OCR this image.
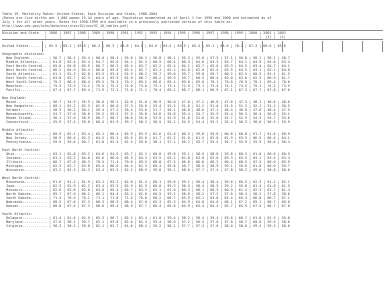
Table 19. Mortality Rates: United States, Each Division and State, 1986-2004
(Rates are live births per 1,000 women 15-44 years of age. Population enumerated as of April 1 for 1990 and 2000 and estimated as of
July 1 for all other years. Rates for 1990-1999 are available in a previously published version of this table at:
http://www.cdc.gov/nchs/data/nvsr/nvsr52/nvsr52_10_tables.pdf)
Division and State   | 1986 | 1987 | 1988 | 1989 | 1990 | 1991 | 1992 | 1993 | 1994 | 1995 | 1996 | 1997 | 1998 | 1999 | 2000 | 2001 | 2002
|      |      |      |      |      |      |      |      |      |      |      |      |      |      |      |  (1) |  (1)
United States......  | 65.5 | 65.1 | 65.8 | 66.4 | 66.3 | 65.8 | 64.1 | 64.6 | 64.5 | 65.5 | 65.4 | 65.1 | 65.6 | 70.2 | 67.3 | 66.6 | 65.6
Geographic divisions:
New England......... | 56.7 | 58.1 | 59.4 | 60.0 | 58.4 | 55.6 | 56.1 | 56.8 | 58.1 | 55.3 | 55.0 | 57.5 | 57.1 | 56.8 | 58.1 | 58.1 | 58.7
Middle Atlantic..... | 61.8 | 62.5 | 63.4 | 64.7 | 65.0 | 64.1 | 62.3 | 60.9 | 60.4 | 60.3 | 64.6 | 64.3 | 63.7 | 64.1 | 64.9 | 64.6 | 63.4
East North Central.. | 65.0 | 64.8 | 65.5 | 66.7 | 66.3 | 65.4 | 63.7 | 62.2 | 62.4 | 64.1 | 63.7 | 63.6 | 63.9 | 64.5 | 63.4 | 64.7 | 64.1
West North Central.. | 66.2 | 65.9 | 65.4 | 66.0 | 65.4 | 63.5 | 62.7 | 62.1 | 62.2 | 62.0 | 62.0 | 62.5 | 63.5 | 64.5 | 64.1 | 62.1 | 64.0
South Atlantic...... | 61.1 | 61.3 | 62.0 | 63.5 | 63.4 | 61.9 | 60.2 | 59.7 | 59.0 | 59.7 | 59.8 | 59.7 | 60.2 | 62.5 | 60.5 | 61.1 | 61.5
East South Central.. | 63.8 | 62.7 | 62.3 | 64.4 | 63.9 | 61.0 | 60.7 | 60.2 | 59.9 | 59.7 | 60.5 | 60.4 | 63.0 | 63.0 | 62.3 | 60.9 | 61.7
West South Central.. | 70.2 | 68.4 | 68.4 | 69.5 | 70.3 | 70.2 | 69.2 | 68.6 | 69.4 | 69.0 | 69.0 | 70.1 | 70.6 | 70.9 | 70.1 | 69.4 | 70.0
Mountain............ | 75.3 | 73.9 | 74.1 | 75.5 | 75.2 | 74.0 | 73.6 | 73.1 | 73.1 | 72.9 | 73.1 | 73.4 | 74.1 | 74.5 | 75.1 | 74.2 | 73.9
Pacific............. | 67.4 | 67.7 | 69.4 | 71.9 | 72.1 | 71.8 | 71.1 | 70.4 | 69.2 | 68.7 | 68.1 | 66.9 | 67.1 | 67.3 | 67.7 | 67.8 | 67.6
New England:
Maine............... | 56.7 | 54.9 | 55.5 | 56.6 | 56.2 | 52.6 | 51.0 | 50.9 | 50.0 | 47.8 | 47.2 | 46.6 | 47.6 | 47.3 | 48.1 | 48.6 | 48.6
New Hampshire....... | 60.1 | 61.2 | 62.3 | 62.9 | 60.0 | 57.3 | 55.0 | 53.4 | 52.5 | 51.6 | 51.2 | 51.0 | 51.5 | 51.3 | 52.1 | 51.2 | 50.5
Vermont............. | 58.3 | 56.2 | 58.1 | 59.4 | 57.2 | 55.4 | 53.6 | 51.7 | 50.1 | 48.8 | 48.6 | 47.1 | 46.4 | 46.8 | 47.6 | 48.4 | 47.5
Massachusetts....... | 54.7 | 57.0 | 58.6 | 59.5 | 59.5 | 57.5 | 55.8 | 54.6 | 55.8 | 55.4 | 55.7 | 55.9 | 55.4 | 56.3 | 56.4 | 56.0 | 55.1
Rhode Island........ | 56.1 | 57.6 | 58.9 | 60.7 | 60.7 | 58.0 | 55.8 | 53.9 | 52.9 | 51.8 | 51.6 | 52.0 | 52.7 | 52.9 | 54.3 | 54.7 | 53.6
Connecticut......... | 55.9 | 57.4 | 59.0 | 60.4 | 61.9 | 59.7 | 58.2 | 56.5 | 55.2 | 54.5 | 54.4 | 55.2 | 55.4 | 56.3 | 58.6 | 56.9 | 55.9
Middle Atlantic:
New York............ | 60.9 | 62.1 | 63.4 | 65.1 | 66.4 | 65.9 | 63.5 | 62.6 | 61.6 | 60.5 | 59.8 | 59.6 | 60.8 | 60.8 | 61.7 | 61.6 | 60.9
New Jersey.......... | 58.9 | 60.4 | 62.3 | 64.5 | 65.2 | 63.5 | 62.6 | 61.7 | 61.2 | 61.0 | 61.5 | 62.8 | 62.9 | 63.5 | 66.5 | 66.4 | 64.1
Pennsylvania........ | 59.9 | 59.6 | 60.7 | 61.8 | 62.4 | 61.5 | 59.6 | 58.1 | 57.1 | 56.2 | 55.7 | 55.5 | 55.7 | 55.9 | 55.9 | 56.6 | 56.4
East North Central:
Ohio................ | 63.1 | 62.8 | 63.2 | 64.6 | 64.5 | 63.7 | 62.1 | 60.8 | 59.8 | 59.1 | 58.9 | 58.8 | 59.8 | 60.5 | 61.0 | 60.6 | 60.5
Indiana............. | 63.2 | 63.2 | 64.0 | 65.6 | 66.0 | 65.3 | 64.3 | 63.5 | 63.2 | 62.8 | 63.0 | 62.6 | 63.3 | 63.5 | 64.1 | 63.5 | 63.4
Illinois............ | 66.7 | 67.0 | 68.3 | 70.5 | 71.4 | 70.6 | 69.5 | 68.8 | 67.5 | 66.8 | 66.6 | 66.2 | 66.4 | 66.5 | 67.5 | 66.6 | 65.9
Michigan............ | 62.3 | 62.7 | 63.8 | 65.4 | 66.0 | 64.4 | 62.3 | 60.4 | 59.8 | 58.7 | 58.5 | 58.9 | 59.1 | 59.6 | 61.0 | 60.0 | 59.7
Wisconsin........... | 63.2 | 62.3 | 62.3 | 63.4 | 63.5 | 62.2 | 60.9 | 59.8 | 59.1 | 58.6 | 57.7 | 57.4 | 57.8 | 58.2 | 59.6 | 58.8 | 58.6
West North Central:
Minnesota........... | 61.6 | 61.2 | 61.9 | 63.1 | 63.2 | 62.8 | 61.4 | 60.1 | 59.6 | 59.1 | 58.4 | 58.4 | 59.6 | 60.5 | 62.3 | 61.2 | 62.1
Iowa................ | 62.3 | 61.9 | 62.2 | 63.4 | 63.5 | 62.9 | 61.9 | 60.0 | 59.3 | 58.5 | 58.4 | 58.5 | 59.2 | 59.8 | 61.4 | 61.0 | 61.5
Missouri............ | 62.6 | 62.8 | 63.0 | 64.8 | 65.4 | 64.7 | 63.3 | 62.1 | 61.0 | 60.3 | 60.1 | 60.3 | 60.9 | 61.4 | 62.3 | 61.7 | 61.4
North Dakota........ | 69.7 | 67.0 | 66.2 | 66.1 | 64.4 | 63.2 | 62.0 | 60.5 | 59.2 | 58.6 | 58.2 | 57.2 | 57.6 | 58.4 | 58.2 | 57.8 | 58.6
South Dakota........ | 71.4 | 70.5 | 70.1 | 71.1 | 71.8 | 71.4 | 70.0 | 68.2 | 66.7 | 65.9 | 65.1 | 64.8 | 65.4 | 65.4 | 66.8 | 66.7 | 67.1
Nebraska............ | 68.5 | 67.6 | 67.3 | 68.3 | 68.9 | 68.4 | 67.0 | 65.3 | 65.3 | 64.9 | 64.8 | 64.6 | 66.1 | 67.2 | 69.1 | 68.7 | 69.0
Kansas.............. | 68.8 | 67.4 | 67.3 | 68.6 | 69.4 | 68.9 | 67.7 | 66.4 | 65.6 | 64.9 | 65.4 | 64.4 | 65.7 | 65.9 | 67.5 | 66.7 | 67.0
South Atlantic:
Delaware............ | 61.4 | 61.6 | 62.9 | 65.3 | 66.7 | 65.2 | 63.4 | 61.0 | 59.4 | 58.2 | 58.4 | 59.4 | 59.6 | 60.7 | 61.6 | 61.3 | 59.8
Maryland............ | 57.6 | 58.1 | 59.7 | 62.1 | 63.8 | 62.6 | 61.3 | 59.4 | 58.0 | 57.2 | 56.5 | 57.0 | 57.8 | 58.7 | 60.0 | 59.9 | 58.6
Virginia............ | 58.3 | 58.2 | 59.8 | 62.1 | 62.7 | 61.6 | 60.4 | 59.2 | 58.2 | 57.7 | 57.3 | 57.6 | 58.0 | 58.6 | 59.4 | 59.3 | 58.6
